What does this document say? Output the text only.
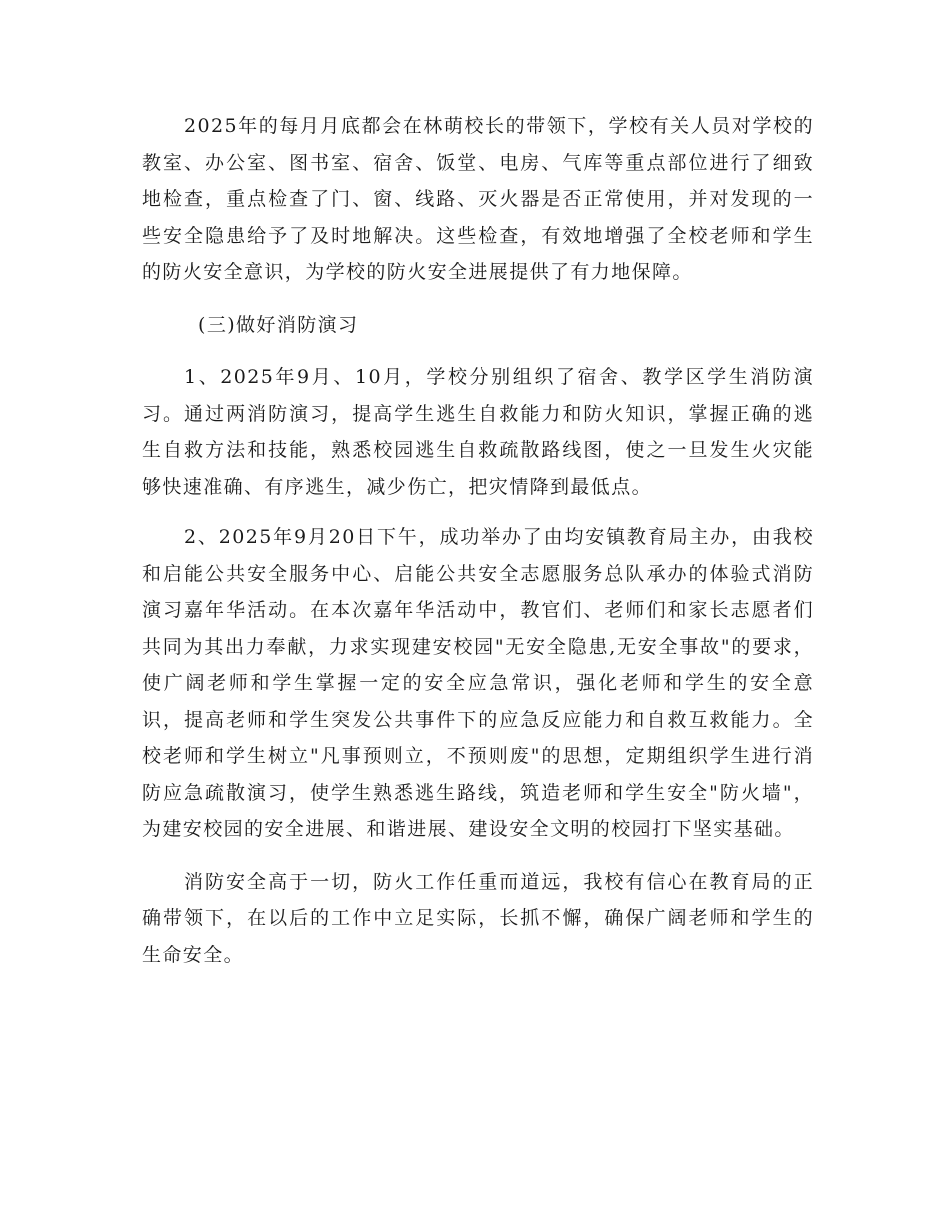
2025年的每月月底都会在林萌校长的带领下，学校有关人员对学校的教室、办公室、图书室、宿舍、饭堂、电房、气库等重点部位进行了细致地检查，重点检查了门、窗、线路、灭火器是否正常使用，并对发现的一些安全隐患给予了及时地解决。这些检查，有效地增强了全校老师和学生的防火安全意识，为学校的防火安全进展提供了有力地保障。

(三)做好消防演习

1、2025年9月、10月，学校分别组织了宿舍、教学区学生消防演习。通过两消防演习，提高学生逃生自救能力和防火知识，掌握正确的逃生自救方法和技能，熟悉校园逃生自救疏散路线图，使之一旦发生火灾能够快速准确、有序逃生，减少伤亡，把灾情降到最低点。

2、2025年9月20日下午，成功举办了由均安镇教育局主办，由我校和启能公共安全服务中心、启能公共安全志愿服务总队承办的体验式消防演习嘉年华活动。在本次嘉年华活动中，教官们、老师们和家长志愿者们共同为其出力奉献，力求实现建安校园"无安全隐患,无安全事故"的要求，使广阔老师和学生掌握一定的安全应急常识，强化老师和学生的安全意识，提高老师和学生突发公共事件下的应急反应能力和自救互救能力。全校老师和学生树立"凡事预则立，不预则废"的思想，定期组织学生进行消防应急疏散演习，使学生熟悉逃生路线，筑造老师和学生安全"防火墙"，为建安校园的安全进展、和谐进展、建设安全文明的校园打下坚实基础。

消防安全高于一切，防火工作任重而道远，我校有信心在教育局的正确带领下，在以后的工作中立足实际，长抓不懈，确保广阔老师和学生的生命安全。
